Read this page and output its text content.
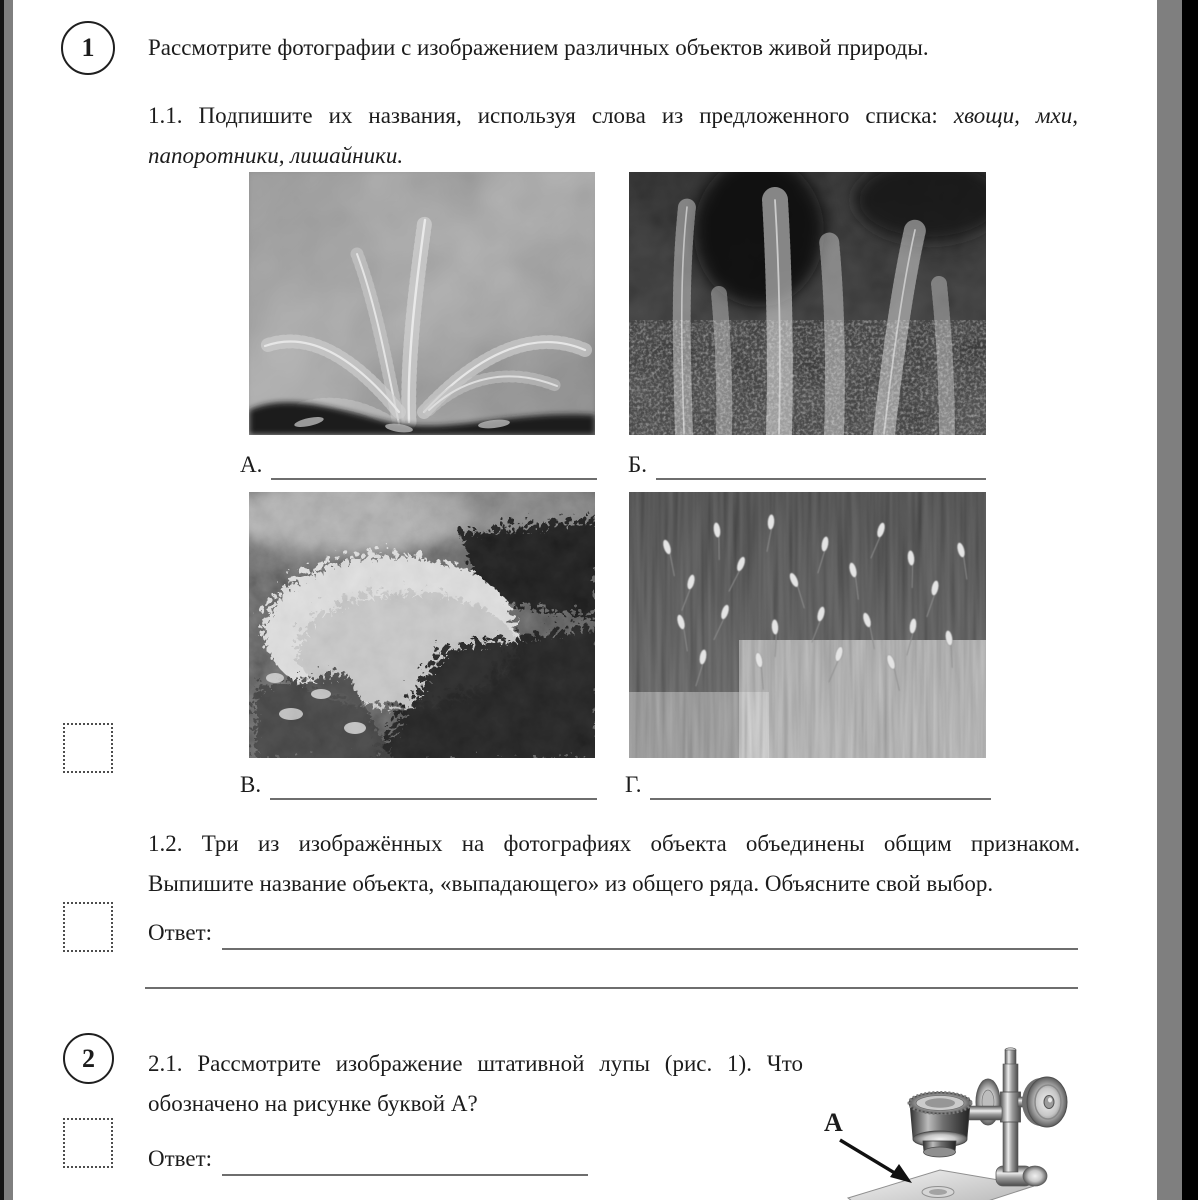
1 Рассмотрите фотографии с изображением различных объектов живой природы.
1.1. Подпишите их названия, используя слова из предложенного списка: хвощи, мхи,
папоротники, лишайники.
А.	Б.
В.	Г.
1.2. Три из изображённых на фотографиях объекта объединены общим признаком.
Выпишите название объекта, «выпадающего» из общего ряда. Объясните свой выбор.
Ответ:
2 2.1. Рассмотрите изображение штативной лупы (рис. 1). Что
обозначено на рисунке буквой А?
Ответ:
А
